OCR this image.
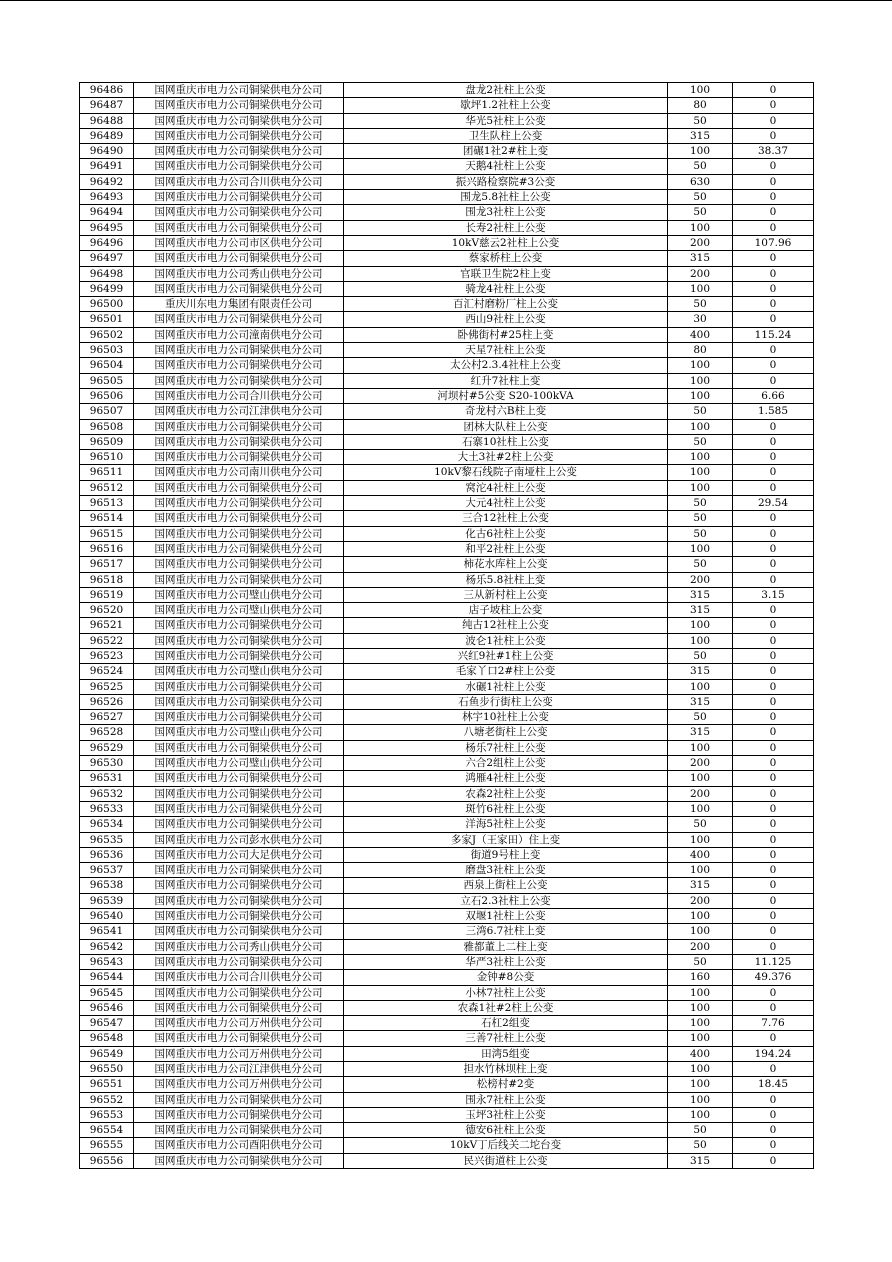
96486	国网重庆市电力公司铜梁供电分公司	盘龙2社柱上公变	100	0
96487	国网重庆市电力公司铜梁供电分公司	歇坪1.2社柱上公变	80	0
96488	国网重庆市电力公司铜梁供电分公司	华光5社柱上公变	50	0
96489	国网重庆市电力公司铜梁供电分公司	卫生队柱上公变	315	0
96490	国网重庆市电力公司铜梁供电分公司	团碾1社2#柱上变	100	38.37
96491	国网重庆市电力公司铜梁供电分公司	天鹅4社柱上公变	50	0
96492	国网重庆市电力公司合川供电分公司	振兴路检察院#3公变	630	0
96493	国网重庆市电力公司铜梁供电分公司	围龙5.8社柱上公变	50	0
96494	国网重庆市电力公司铜梁供电分公司	围龙3社柱上公变	50	0
96495	国网重庆市电力公司铜梁供电分公司	长寿2社柱上公变	100	0
96496	国网重庆市电力公司市区供电分公司	10kV慈云2社柱上公变	200	107.96
96497	国网重庆市电力公司铜梁供电分公司	蔡家桥柱上公变	315	0
96498	国网重庆市电力公司秀山供电分公司	官联卫生院2柱上变	200	0
96499	国网重庆市电力公司铜梁供电分公司	骑龙4社柱上公变	100	0
96500	重庆川东电力集团有限责任公司	百汇村磨粉厂柱上公变	50	0
96501	国网重庆市电力公司铜梁供电分公司	西山9社柱上公变	30	0
96502	国网重庆市电力公司潼南供电分公司	卧佛街村#25柱上变	400	115.24
96503	国网重庆市电力公司铜梁供电分公司	天星7社柱上公变	80	0
96504	国网重庆市电力公司铜梁供电分公司	太公村2.3.4社柱上公变	100	0
96505	国网重庆市电力公司铜梁供电分公司	红升7社柱上变	100	0
96506	国网重庆市电力公司合川供电分公司	河坝村#5公变 S20-100kVA	100	6.66
96507	国网重庆市电力公司江津供电分公司	奇龙村六B柱上变	50	1.585
96508	国网重庆市电力公司铜梁供电分公司	团林大队柱上公变	100	0
96509	国网重庆市电力公司铜梁供电分公司	石寨10社柱上公变	50	0
96510	国网重庆市电力公司铜梁供电分公司	大土3社#2柱上公变	100	0
96511	国网重庆市电力公司南川供电分公司	10kV黎石线院子南垭柱上公变	100	0
96512	国网重庆市电力公司铜梁供电分公司	窝沱4社柱上公变	100	0
96513	国网重庆市电力公司铜梁供电分公司	大元4社柱上公变	50	29.54
96514	国网重庆市电力公司铜梁供电分公司	三合12社柱上公变	50	0
96515	国网重庆市电力公司铜梁供电分公司	化古6社柱上公变	50	0
96516	国网重庆市电力公司铜梁供电分公司	和平2社柱上公变	100	0
96517	国网重庆市电力公司铜梁供电分公司	柿花水库柱上公变	50	0
96518	国网重庆市电力公司铜梁供电分公司	杨乐5.8社柱上变	200	0
96519	国网重庆市电力公司璧山供电分公司	三从新村柱上公变	315	3.15
96520	国网重庆市电力公司璧山供电分公司	店子坡柱上公变	315	0
96521	国网重庆市电力公司铜梁供电分公司	纯古12社柱上公变	100	0
96522	国网重庆市电力公司铜梁供电分公司	波仑1社柱上公变	100	0
96523	国网重庆市电力公司铜梁供电分公司	兴红9社#1柱上公变	50	0
96524	国网重庆市电力公司璧山供电分公司	毛家丫口2#柱上公变	315	0
96525	国网重庆市电力公司铜梁供电分公司	水碾1社柱上公变	100	0
96526	国网重庆市电力公司铜梁供电分公司	石鱼步行街柱上公变	315	0
96527	国网重庆市电力公司铜梁供电分公司	林宇10社柱上公变	50	0
96528	国网重庆市电力公司璧山供电分公司	八塘老街柱上公变	315	0
96529	国网重庆市电力公司铜梁供电分公司	杨乐7社柱上公变	100	0
96530	国网重庆市电力公司璧山供电分公司	六合2组柱上公变	200	0
96531	国网重庆市电力公司铜梁供电分公司	鸿雁4社柱上公变	100	0
96532	国网重庆市电力公司铜梁供电分公司	农森2社柱上公变	200	0
96533	国网重庆市电力公司铜梁供电分公司	斑竹6社柱上公变	100	0
96534	国网重庆市电力公司铜梁供电分公司	洋海5社柱上公变	50	0
96535	国网重庆市电力公司彭水供电分公司	多家J（王家田）住上变	100	0
96536	国网重庆市电力公司大足供电分公司	街道9号柱上变	400	0
96537	国网重庆市电力公司铜梁供电分公司	磨盘3社柱上公变	100	0
96538	国网重庆市电力公司铜梁供电分公司	西泉上街柱上公变	315	0
96539	国网重庆市电力公司铜梁供电分公司	立石2.3社柱上公变	200	0
96540	国网重庆市电力公司铜梁供电分公司	双堰1社柱上公变	100	0
96541	国网重庆市电力公司铜梁供电分公司	三湾6.7社柱上变	100	0
96542	国网重庆市电力公司秀山供电分公司	雅都董上二柱上变	200	0
96543	国网重庆市电力公司铜梁供电分公司	华严3社柱上公变	50	11.125
96544	国网重庆市电力公司合川供电分公司	金钟#8公变	160	49.376
96545	国网重庆市电力公司铜梁供电分公司	小林7社柱上公变	100	0
96546	国网重庆市电力公司铜梁供电分公司	农森1社#2柱上公变	100	0
96547	国网重庆市电力公司万州供电分公司	石杠2组变	100	7.76
96548	国网重庆市电力公司铜梁供电分公司	三善7社柱上公变	100	0
96549	国网重庆市电力公司万州供电分公司	田湾5组变	400	194.24
96550	国网重庆市电力公司江津供电分公司	担水竹林坝柱上变	100	0
96551	国网重庆市电力公司万州供电分公司	松榜村#2变	100	18.45
96552	国网重庆市电力公司铜梁供电分公司	围永7社柱上公变	100	0
96553	国网重庆市电力公司铜梁供电分公司	玉坪3社柱上公变	100	0
96554	国网重庆市电力公司铜梁供电分公司	德安6社柱上公变	50	0
96555	国网重庆市电力公司酉阳供电分公司	10kV丁后线关二坨台变	50	0
96556	国网重庆市电力公司铜梁供电分公司	民兴街道柱上公变	315	0
